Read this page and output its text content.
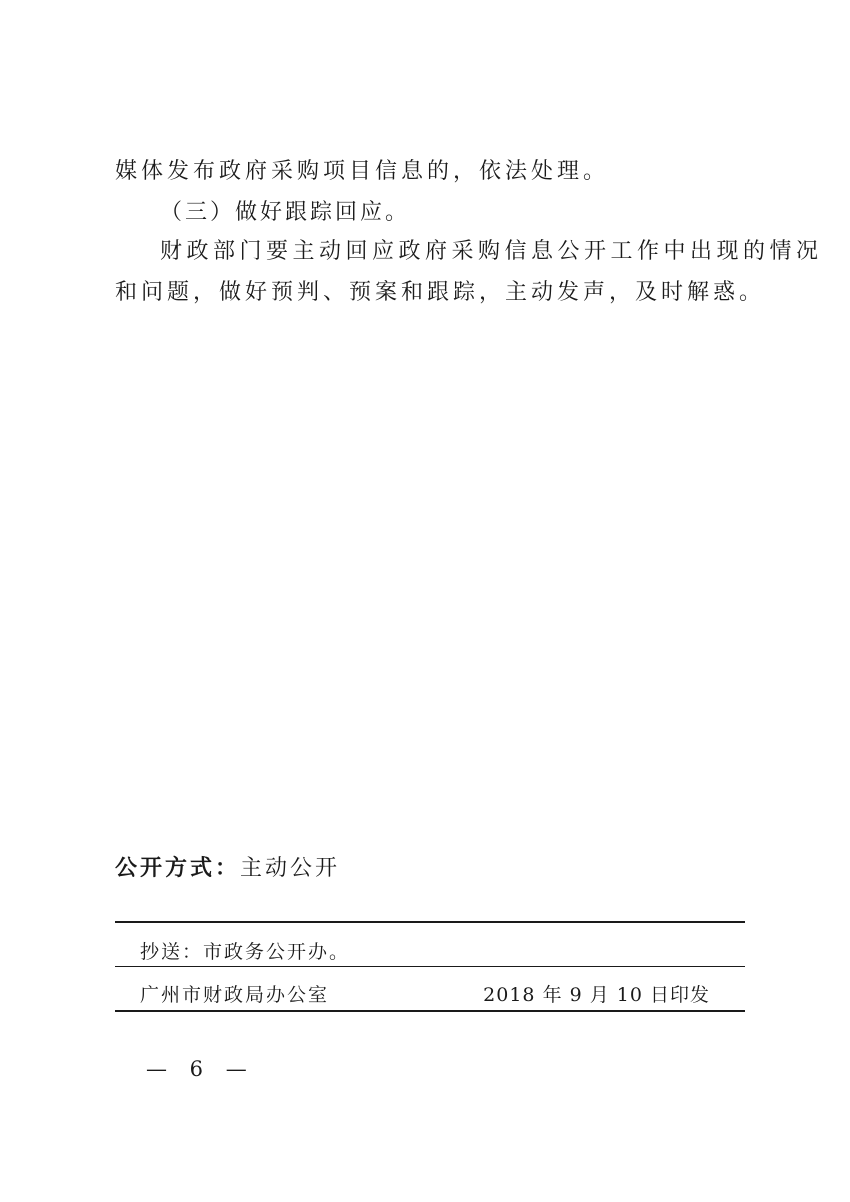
媒体发布政府采购项目信息的，依法处理。
（三）做好跟踪回应。
财政部门要主动回应政府采购信息公开工作中出现的情况
和问题，做好预判、预案和跟踪，主动发声，及时解惑。
公开方式：主动公开
抄送：市政务公开办。
广州市财政局办公室	2018 年 9 月 10 日印发
— 6 —
